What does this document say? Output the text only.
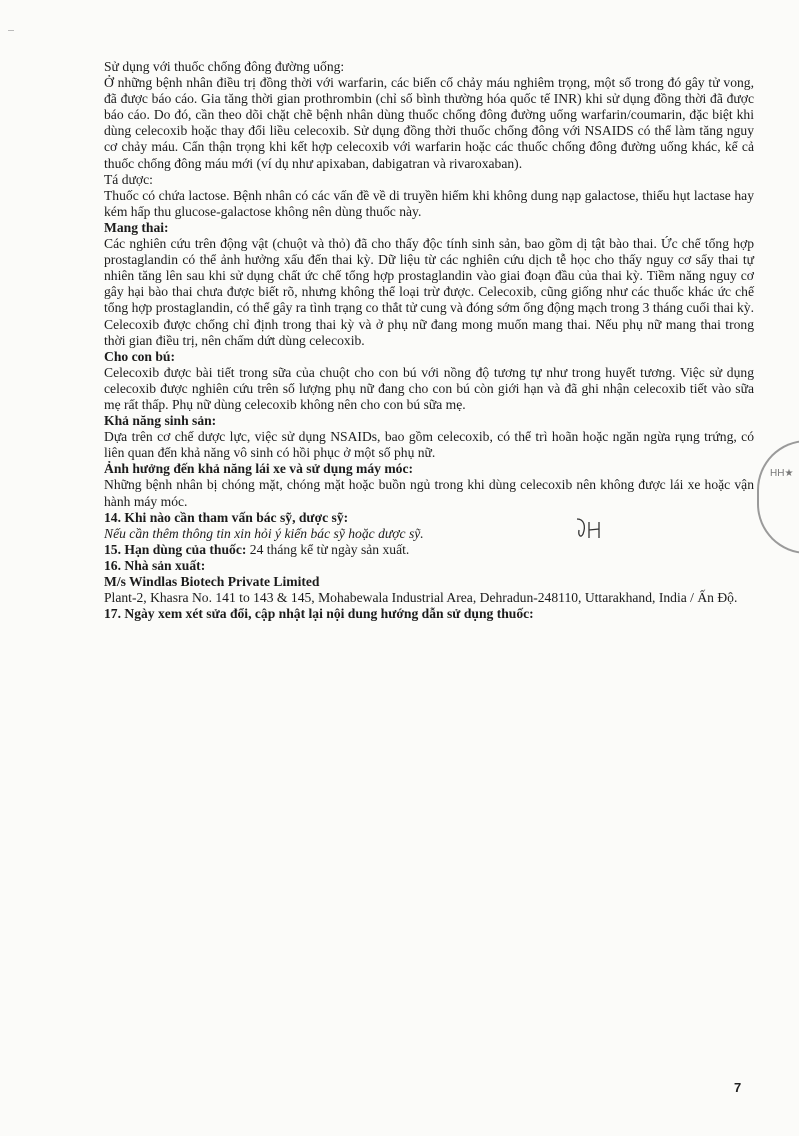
Sử dụng với thuốc chống đông đường uống:

Ở những bệnh nhân điều trị đồng thời với warfarin, các biến cố chảy máu nghiêm trọng, một số trong đó gây tử vong, đã được báo cáo. Gia tăng thời gian prothrombin (chỉ số bình thường hóa quốc tế INR) khi sử dụng đồng thời đã được báo cáo. Do đó, cần theo dõi chặt chẽ bệnh nhân dùng thuốc chống đông đường uống warfarin/coumarin, đặc biệt khi dùng celecoxib hoặc thay đổi liều celecoxib. Sử dụng đồng thời thuốc chống đông với NSAIDS có thể làm tăng nguy cơ chảy máu. Cẩn thận trọng khi kết hợp celecoxib với warfarin hoặc các thuốc chống đông đường uống khác, kể cả thuốc chống đông máu mới (ví dụ như apixaban, dabigatran và rivaroxaban).

Tá dược:

Thuốc có chứa lactose. Bệnh nhân có các vấn đề về di truyền hiếm khi không dung nạp galactose, thiếu hụt lactase hay kém hấp thu glucose-galactose không nên dùng thuốc này.

Mang thai:

Các nghiên cứu trên động vật (chuột và thỏ) đã cho thấy độc tính sinh sản, bao gồm dị tật bào thai. Ức chế tổng hợp prostaglandin có thể ảnh hưởng xấu đến thai kỳ. Dữ liệu từ các nghiên cứu dịch tễ học cho thấy nguy cơ sẩy thai tự nhiên tăng lên sau khi sử dụng chất ức chế tổng hợp prostaglandin vào giai đoạn đầu của thai kỳ. Tiềm năng nguy cơ gây hại bào thai chưa được biết rõ, nhưng không thể loại trừ được. Celecoxib, cũng giống như các thuốc khác ức chế tổng hợp prostaglandin, có thể gây ra tình trạng co thắt tử cung và đóng sớm ống động mạch trong 3 tháng cuối thai kỳ. Celecoxib được chống chỉ định trong thai kỳ và ở phụ nữ đang mong muốn mang thai. Nếu phụ nữ mang thai trong thời gian điều trị, nên chấm dứt dùng celecoxib.

Cho con bú:

Celecoxib được bài tiết trong sữa của chuột cho con bú với nồng độ tương tự như trong huyết tương. Việc sử dụng celecoxib được nghiên cứu trên số lượng phụ nữ đang cho con bú còn giới hạn và đã ghi nhận celecoxib tiết vào sữa mẹ rất thấp. Phụ nữ dùng celecoxib không nên cho con bú sữa mẹ.

Khả năng sinh sản:

Dựa trên cơ chế dược lực, việc sử dụng NSAIDs, bao gồm celecoxib, có thể trì hoãn hoặc ngăn ngừa rụng trứng, có liên quan đến khả năng vô sinh có hồi phục ở một số phụ nữ.

Ảnh hưởng đến khả năng lái xe và sử dụng máy móc:

Những bệnh nhân bị chóng mặt, chóng mặt hoặc buồn ngủ trong khi dùng celecoxib nên không được lái xe hoặc vận hành máy móc.

14. Khi nào cần tham vấn bác sỹ, dược sỹ:

Nếu cần thêm thông tin xin hỏi ý kiến bác sỹ hoặc dược sỹ.

15. Hạn dùng của thuốc: 24 tháng kể từ ngày sản xuất.

16. Nhà sản xuất:

M/s Windlas Biotech Private Limited

Plant-2, Khasra No. 141 to 143 & 145, Mohabewala Industrial Area, Dehradun-248110, Uttarakhand, India / Ấn Độ.

17. Ngày xem xét sửa đổi, cập nhật lại nội dung hướng dẫn sử dụng thuốc:

HH★
7
